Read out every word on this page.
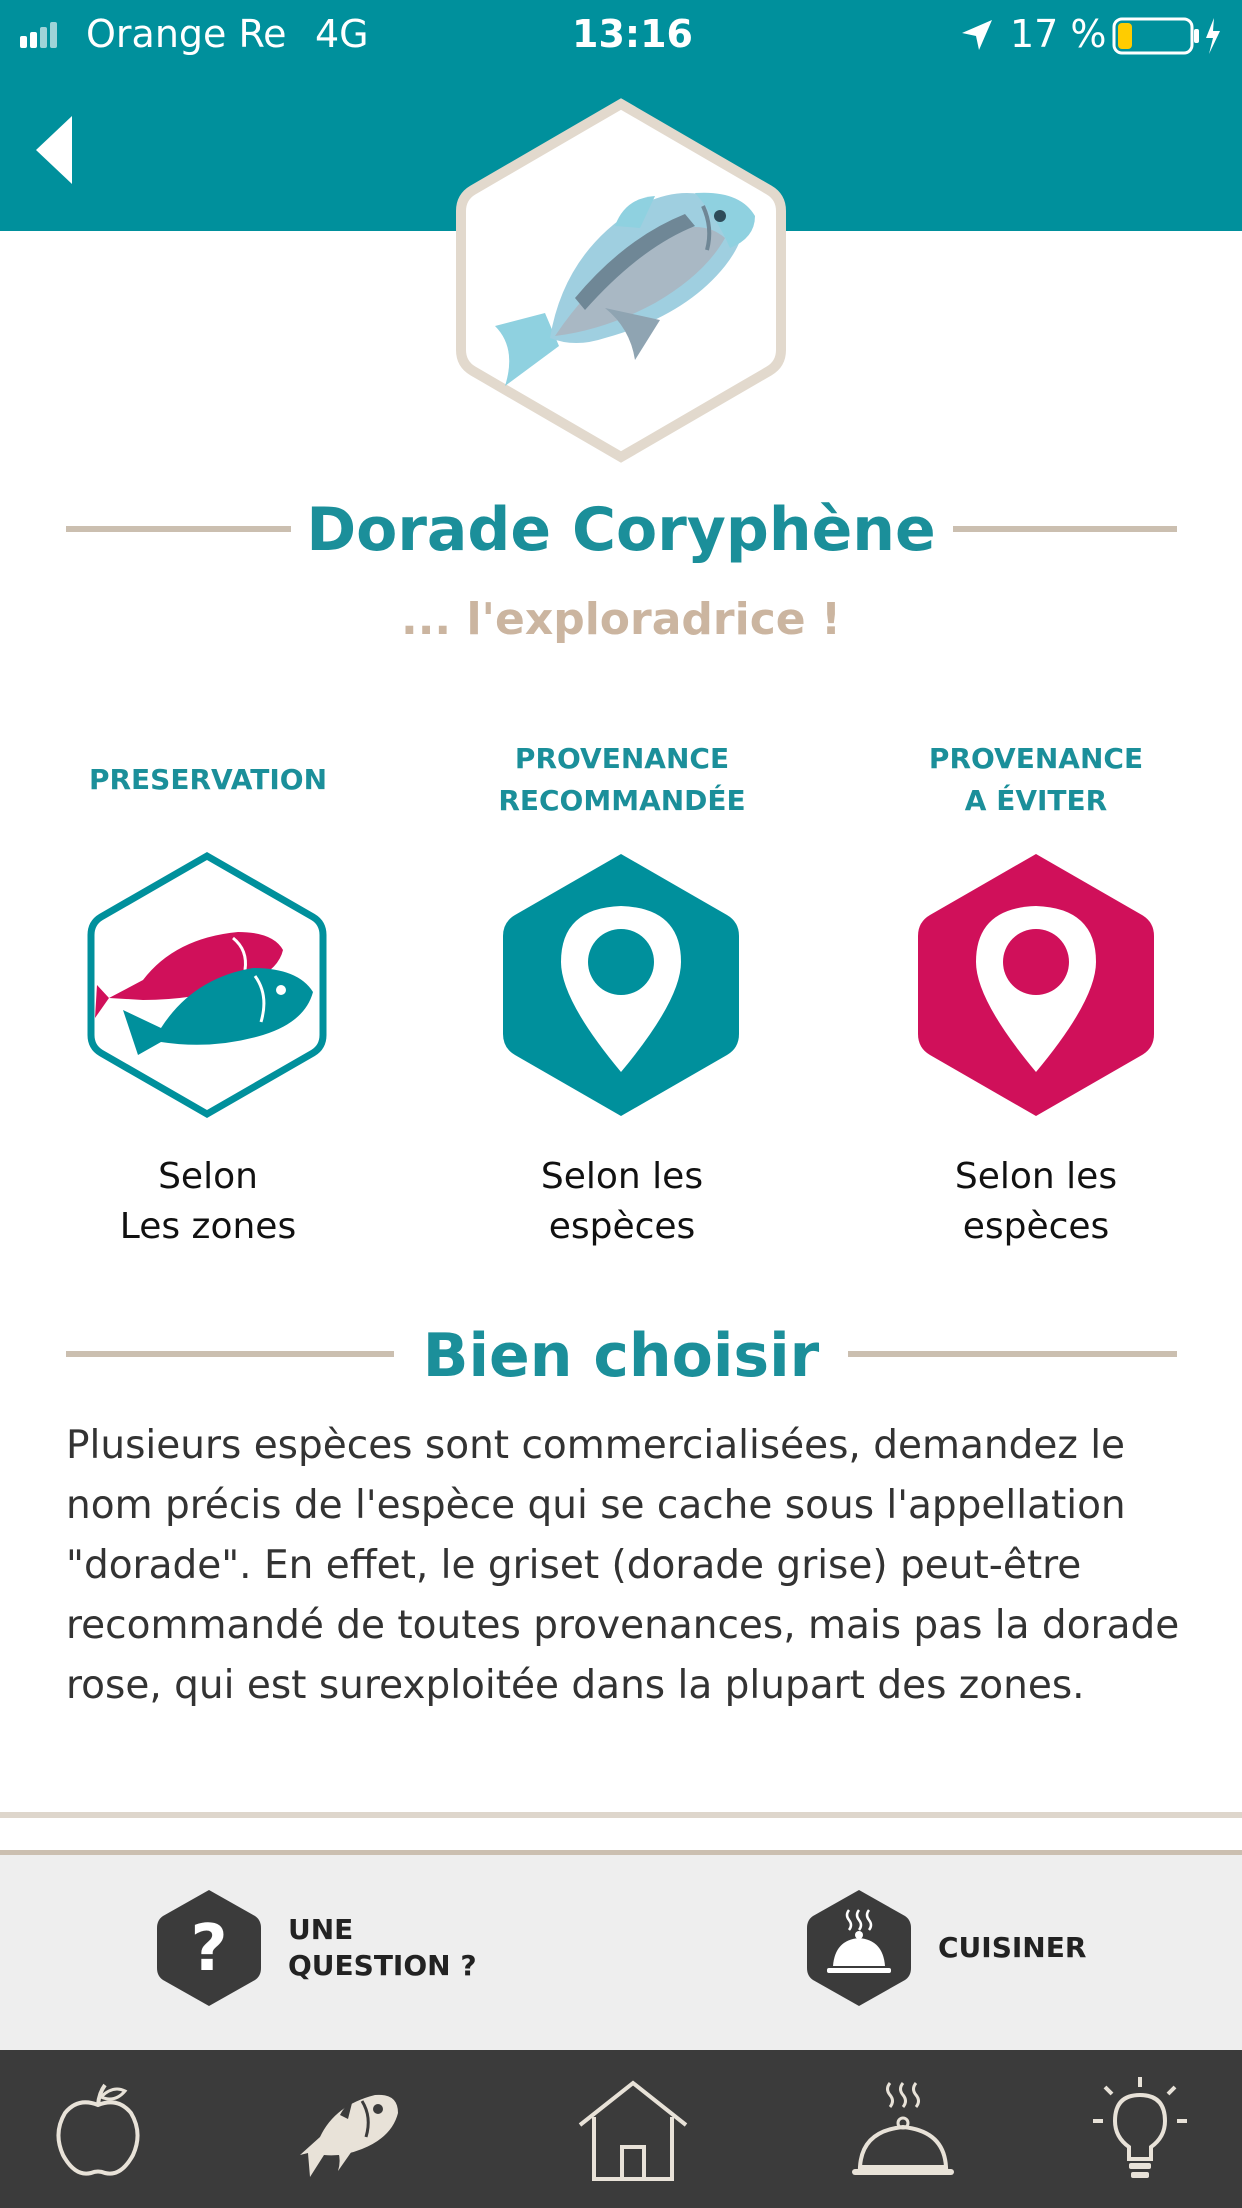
Orange Re 4G	13:16	17 %
Dorade Coryphène
... l'exploradrice !
PRESERVATION
Selon
Les zones
PROVENANCE
RECOMMANDÉE
Selon les
espèces
PROVENANCE
A ÉVITER
Selon les
espèces
Bien choisir
Plusieurs espèces sont commercialisées, demandez le nom précis de l'espèce qui se cache sous l'appellation "dorade". En effet, le griset (dorade grise) peut-être recommandé de toutes provenances, mais pas la dorade rose, qui est surexploitée dans la plupart des zones.
? UNE
QUESTION ?
CUISINER
